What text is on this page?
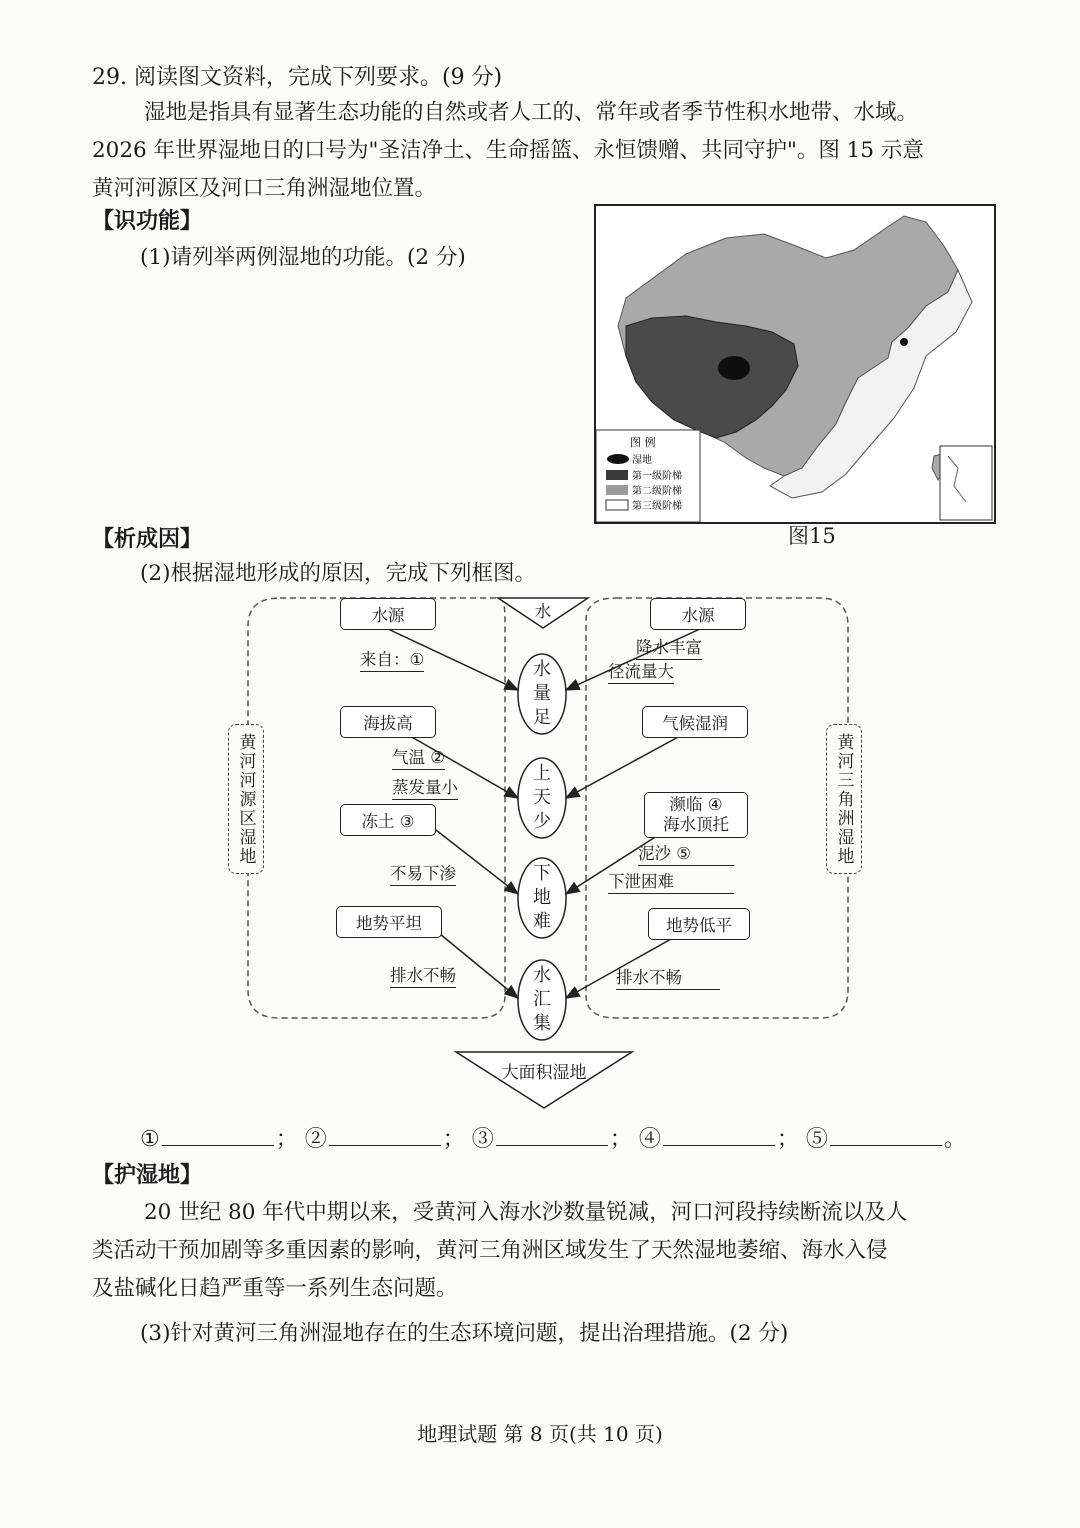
29. 阅读图文资料，完成下列要求。(9 分)
湿地是指具有显著生态功能的自然或者人工的、常年或者季节性积水地带、水域。
2026 年世界湿地日的口号为"圣洁净土、生命摇篮、永恒馈赠、共同守护"。图 15 示意
黄河河源区及河口三角洲湿地位置。
【识功能】
(1)请列举两例湿地的功能。(2 分)
图 例
湿地
第一级阶梯
第二级阶梯
第三级阶梯
图15
【析成因】
(2)根据湿地形成的原因，完成下列框图。
水
大面积湿地
水量足
上天少
下地难
水汇集
黄河河源区湿地	黄河三角洲湿地
水源
来自：①
海拔高
气温 ②
蒸发量小
冻土 ③
不易下渗
地势平坦
排水不畅
水源
降水丰富
径流量大
气候湿润
濒临 ④
海水顶托
泥沙 ⑤
下泄困难
地势低平
排水不畅
①	； ②	； ③	； ④	； ⑤	。
【护湿地】
20 世纪 80 年代中期以来，受黄河入海水沙数量锐减，河口河段持续断流以及人
类活动干预加剧等多重因素的影响，黄河三角洲区域发生了天然湿地萎缩、海水入侵
及盐碱化日趋严重等一系列生态问题。
(3)针对黄河三角洲湿地存在的生态环境问题，提出治理措施。(2 分)
地理试题 第 8 页(共 10 页)
